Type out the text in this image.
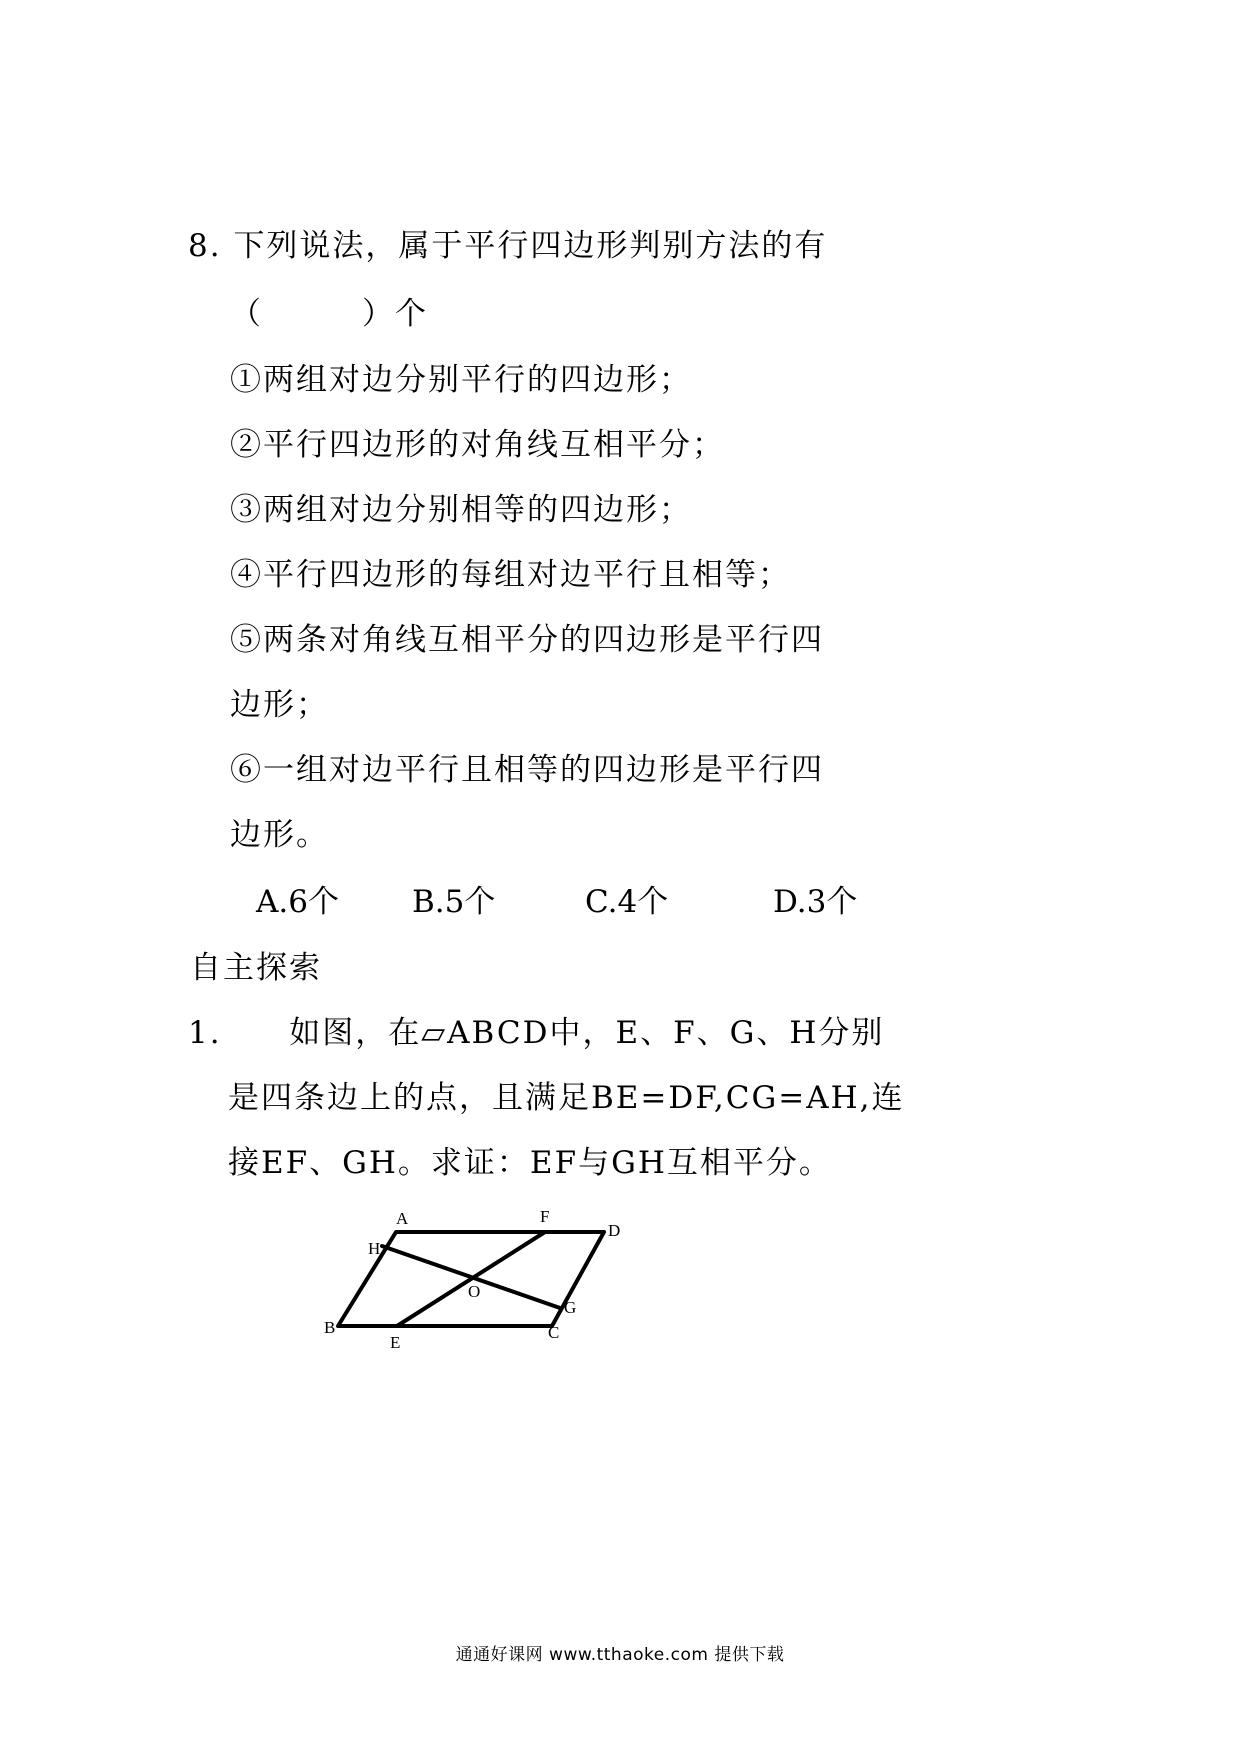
8. 下列说法，属于平行四边形判别方法的有
（　　　）个
①两组对边分别平行的四边形；
②平行四边形的对角线互相平分；
③两组对边分别相等的四边形；
④平行四边形的每组对边平行且相等；
⑤两条对角线互相平分的四边形是平行四
边形；
⑥一组对边平行且相等的四边形是平行四
边形。
A.6个 B.5个	C.4个	D.3个
自主探索
1. 如图，在▱ABCD中，E、F、G、H分别
是四条边上的点，且满足BE=DF,CG=AH,连
接EF、GH。求证：EF与GH互相平分。
A	F
D
H
O
G
B
E
C
通通好课网 www.tthaoke.com 提供下载
